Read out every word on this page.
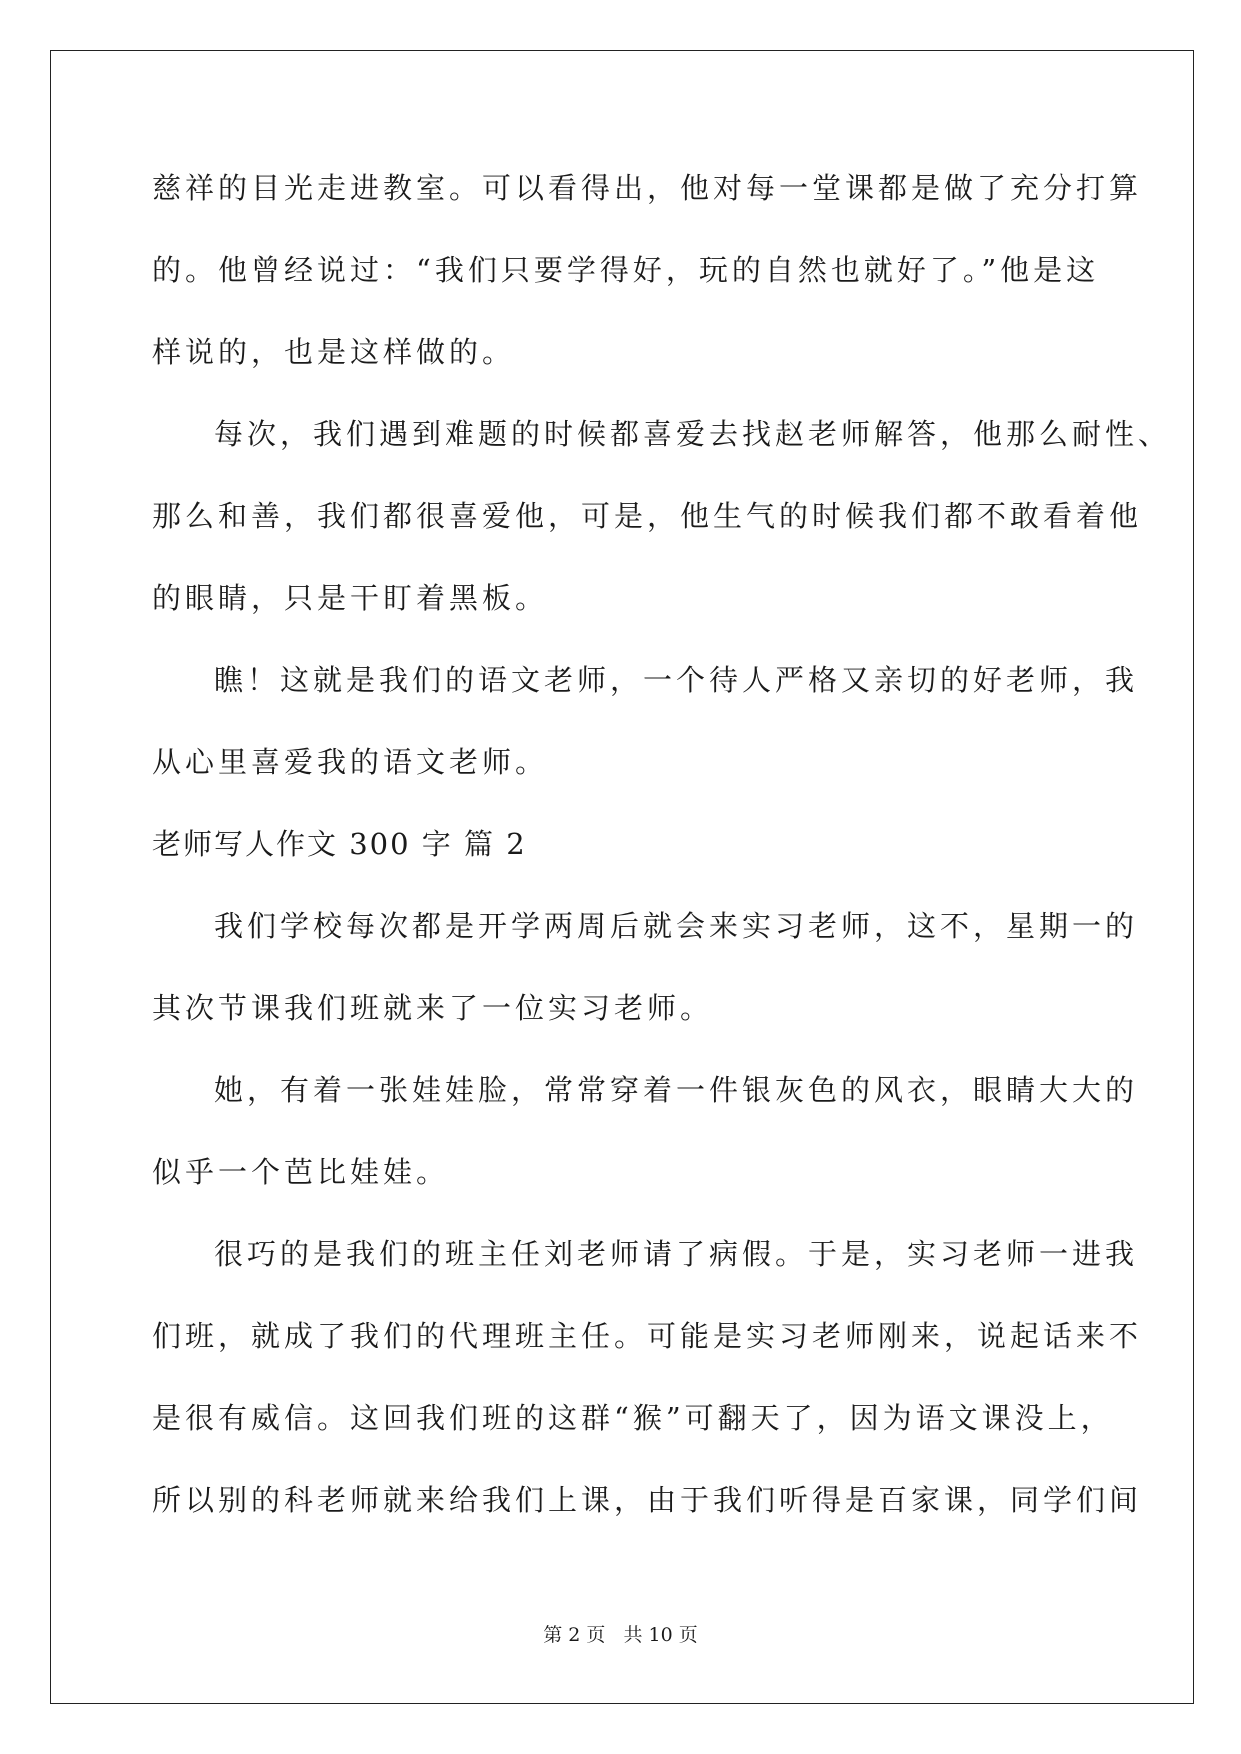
慈祥的目光走进教室。可以看得出，他对每一堂课都是做了充分打算
的。他曾经说过：“我们只要学得好，玩的自然也就好了。”他是这
样说的，也是这样做的。
每次，我们遇到难题的时候都喜爱去找赵老师解答，他那么耐性、
那么和善，我们都很喜爱他，可是，他生气的时候我们都不敢看着他
的眼睛，只是干盯着黑板。
瞧！这就是我们的语文老师，一个待人严格又亲切的好老师，我
从心里喜爱我的语文老师。
老师写人作文 300 字 篇 2
我们学校每次都是开学两周后就会来实习老师，这不，星期一的
其次节课我们班就来了一位实习老师。
她，有着一张娃娃脸，常常穿着一件银灰色的风衣，眼睛大大的
似乎一个芭比娃娃。
很巧的是我们的班主任刘老师请了病假。于是，实习老师一进我
们班，就成了我们的代理班主任。可能是实习老师刚来，说起话来不
是很有威信。这回我们班的这群“猴”可翻天了，因为语文课没上，
所以别的科老师就来给我们上课，由于我们听得是百家课，同学们间
第 2 页 共 10 页
